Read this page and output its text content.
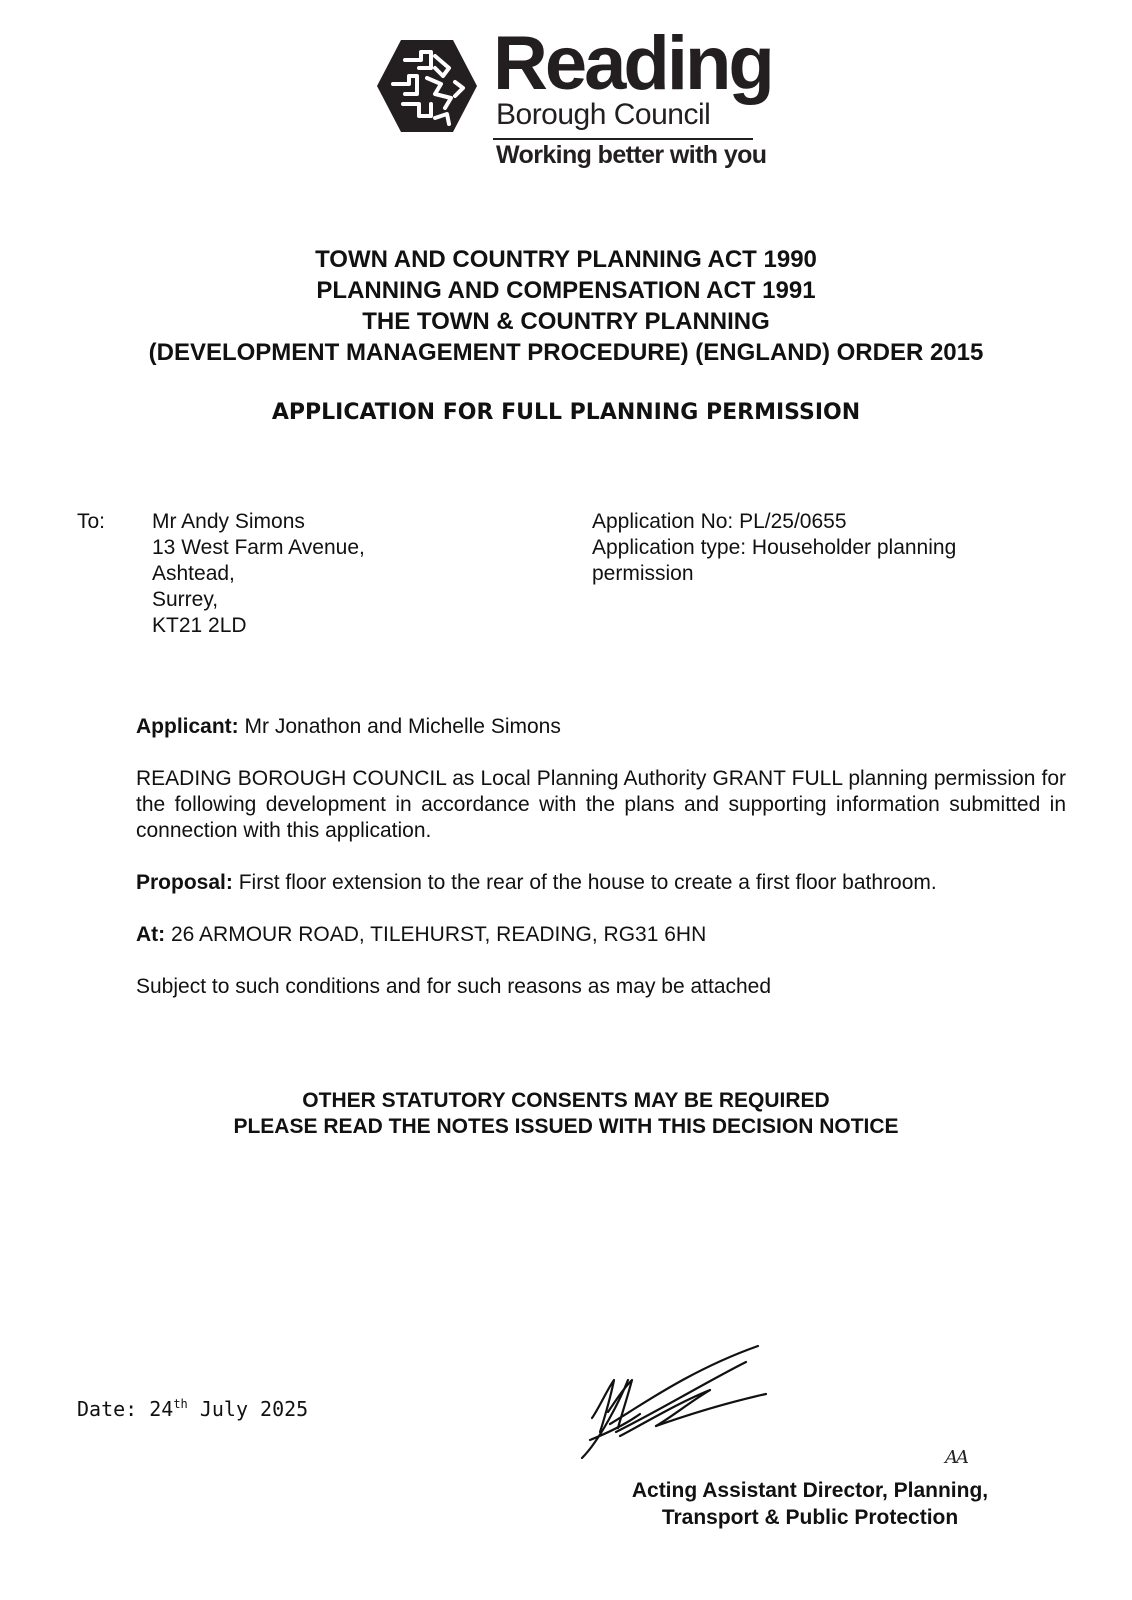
Reading
Borough Council
Working better with you
TOWN AND COUNTRY PLANNING ACT 1990
PLANNING AND COMPENSATION ACT 1991
THE TOWN & COUNTRY PLANNING
(DEVELOPMENT MANAGEMENT PROCEDURE) (ENGLAND) ORDER 2015
APPLICATION FOR FULL PLANNING PERMISSION
To: Mr Andy Simons
13 West Farm Avenue,
Ashtead,
Surrey,
KT21 2LD
Application No: PL/25/0655
Application type: Householder planning permission

Applicant: Mr Jonathon and Michelle Simons

READING BOROUGH COUNCIL as Local Planning Authority GRANT FULL planning permission for the following development in accordance with the plans and supporting information submitted in connection with this application.

Proposal: First floor extension to the rear of the house to create a first floor bathroom.

At: 26 ARMOUR ROAD, TILEHURST, READING, RG31 6HN

Subject to such conditions and for such reasons as may be attached

OTHER STATUTORY CONSENTS MAY BE REQUIRED
PLEASE READ THE NOTES ISSUED WITH THIS DECISION NOTICE
Date: 24th July 2025
AA
Acting Assistant Director, Planning,
Transport & Public Protection
